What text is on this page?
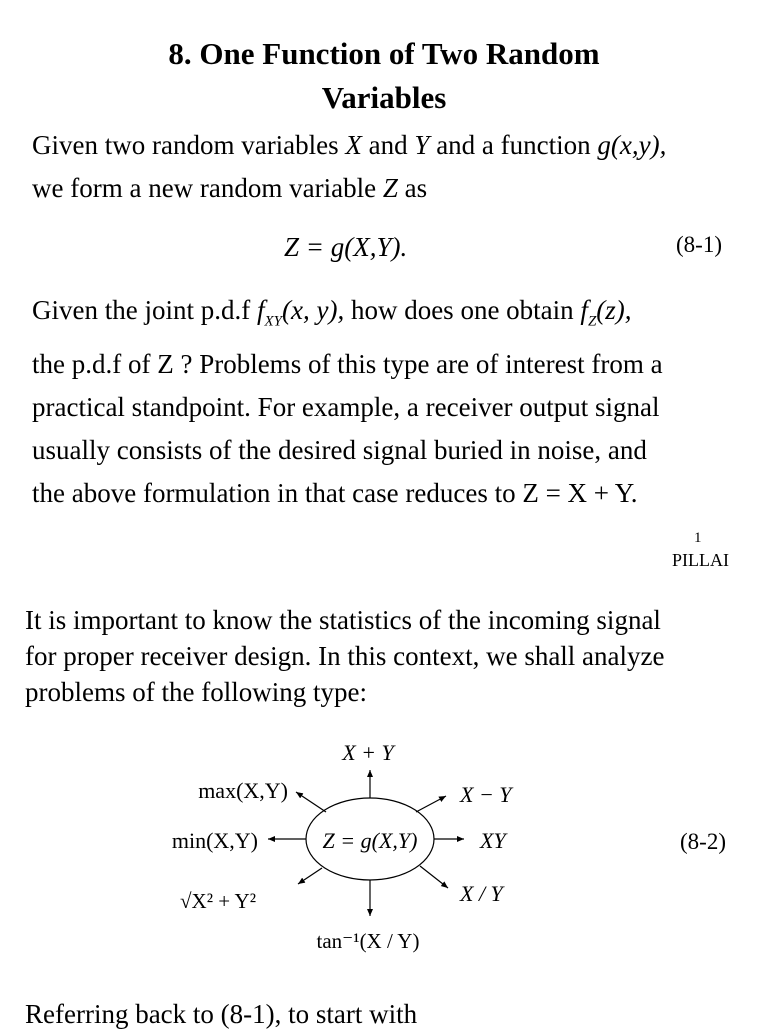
8. One Function of Two Random
Variables
Given two random variables X and Y and a function g(x,y),
we form a new random variable Z as
Z = g(X,Y).	(8-1)
Given the joint p.d.f $f_{XY}(x$, y), how does one obtain $f_Z(z)$,
the p.d.f of Z ? Problems of this type are of interest from a
practical standpoint. For example, a receiver output signal
usually consists of the desired signal buried in noise, and
the above formulation in that case reduces to Z = X + Y.
1
PILLAI
It is important to know the statistics of the incoming signal
for proper receiver design. In this context, we shall analyze
problems of the following type:
Z = g(X,Y)
X + Y
X − Y
XY
X / Y
tan⁻¹(X / Y)
√X² + Y²
min(X,Y)
max(X,Y)
(8-2)
Referring back to (8-1), to start with
